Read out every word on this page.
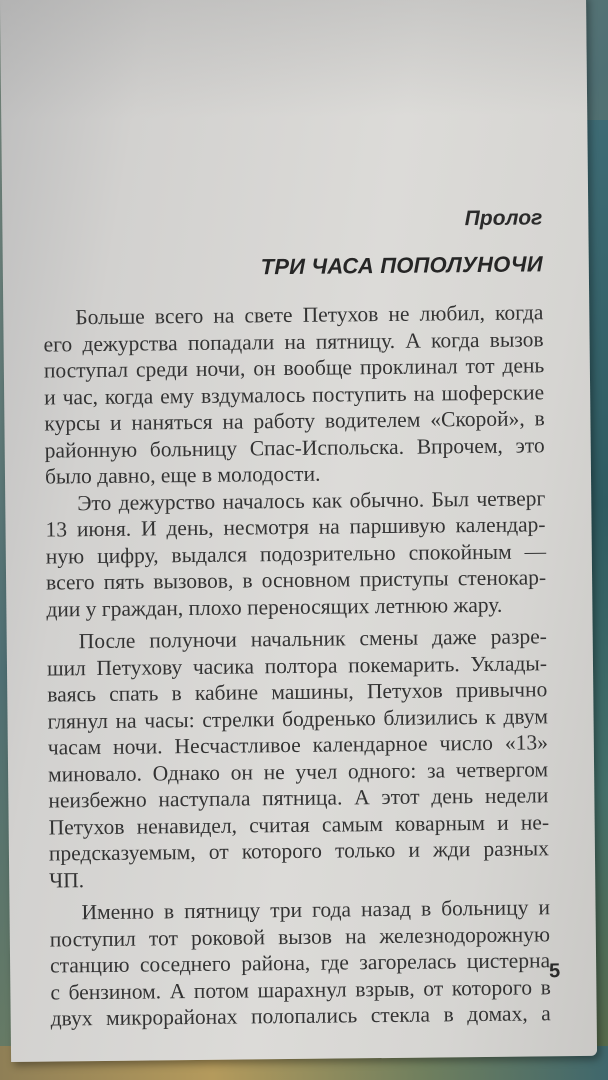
Пролог
ТРИ ЧАСА ПОПОЛУНОЧИ
Больше всего на свете Петухов не любил, когда
его дежурства попадали на пятницу. А когда вызов
поступал среди ночи, он вообще проклинал тот день
и час, когда ему вздумалось поступить на шоферские
курсы и наняться на работу водителем «Скорой», в
районную больницу Спас-Испольска. Впрочем, это
было давно, еще в молодости.
Это дежурство началось как обычно. Был четверг
13 июня. И день, несмотря на паршивую календар-
ную цифру, выдался подозрительно спокойным —
всего пять вызовов, в основном приступы стенокар-
дии у граждан, плохо переносящих летнюю жару.
После полуночи начальник смены даже разре-
шил Петухову часика полтора покемарить. Уклады-
ваясь спать в кабине машины, Петухов привычно
глянул на часы: стрелки бодренько близились к двум
часам ночи. Несчастливое календарное число «13»
миновало. Однако он не учел одного: за четвергом
неизбежно наступала пятница. А этот день недели
Петухов ненавидел, считая самым коварным и не-
предсказуемым, от которого только и жди разных
ЧП.
Именно в пятницу три года назад в больницу и
поступил тот роковой вызов на железнодорожную
станцию соседнего района, где загорелась цистерна
с бензином. А потом шарахнул взрыв, от которого в
двух микрорайонах полопались стекла в домах, а
5
